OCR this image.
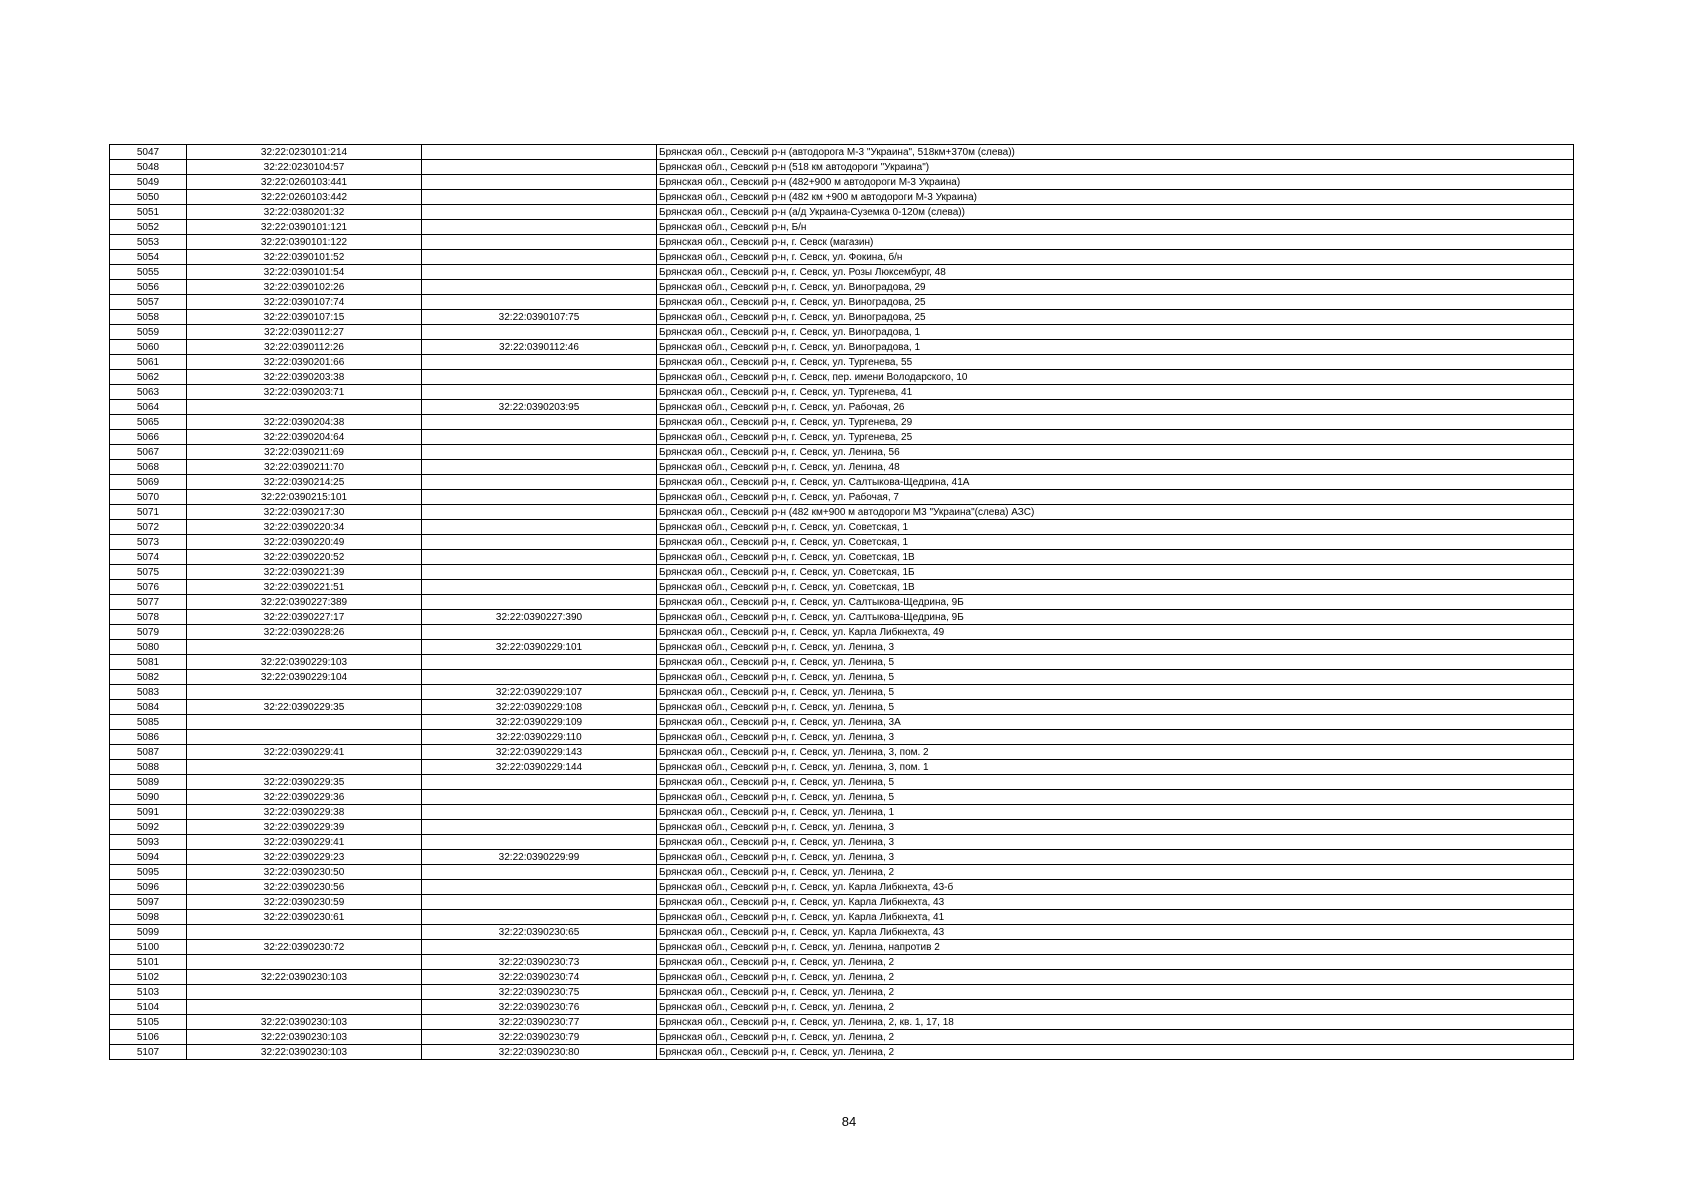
5047	32:22:0230101:214		Брянская обл., Севский р-н (автодорога М-3 "Украина", 518км+370м (слева))
5048	32:22:0230104:57		Брянская обл., Севский р-н (518 км автодороги "Украина")
5049	32:22:0260103:441		Брянская обл., Севский р-н (482+900 м автодороги М-3 Украина)
5050	32:22:0260103:442		Брянская обл., Севский р-н (482 км +900 м автодороги М-3 Украина)
5051	32:22:0380201:32		Брянская обл., Севский р-н (а/д Украина-Суземка 0-120м (слева))
5052	32:22:0390101:121		Брянская обл., Севский р-н, Б/н
5053	32:22:0390101:122		Брянская обл., Севский р-н, г. Севск (магазин)
5054	32:22:0390101:52		Брянская обл., Севский р-н, г. Севск, ул. Фокина, б/н
5055	32:22:0390101:54		Брянская обл., Севский р-н, г. Севск, ул. Розы Люксембург, 48
5056	32:22:0390102:26		Брянская обл., Севский р-н, г. Севск, ул. Виноградова, 29
5057	32:22:0390107:74		Брянская обл., Севский р-н, г. Севск, ул. Виноградова, 25
5058	32:22:0390107:15	32:22:0390107:75	Брянская обл., Севский р-н, г. Севск, ул. Виноградова, 25
5059	32:22:0390112:27		Брянская обл., Севский р-н, г. Севск, ул. Виноградова, 1
5060	32:22:0390112:26	32:22:0390112:46	Брянская обл., Севский р-н, г. Севск, ул. Виноградова, 1
5061	32:22:0390201:66		Брянская обл., Севский р-н, г. Севск, ул. Тургенева, 55
5062	32:22:0390203:38		Брянская обл., Севский р-н, г. Севск, пер. имени Володарского, 10
5063	32:22:0390203:71		Брянская обл., Севский р-н, г. Севск, ул. Тургенева, 41
5064		32:22:0390203:95	Брянская обл., Севский р-н, г. Севск, ул. Рабочая, 26
5065	32:22:0390204:38		Брянская обл., Севский р-н, г. Севск, ул. Тургенева, 29
5066	32:22:0390204:64		Брянская обл., Севский р-н, г. Севск, ул. Тургенева, 25
5067	32:22:0390211:69		Брянская обл., Севский р-н, г. Севск, ул. Ленина, 56
5068	32:22:0390211:70		Брянская обл., Севский р-н, г. Севск, ул. Ленина, 48
5069	32:22:0390214:25		Брянская обл., Севский р-н, г. Севск, ул. Салтыкова-Щедрина, 41А
5070	32:22:0390215:101		Брянская обл., Севский р-н, г. Севск, ул. Рабочая, 7
5071	32:22:0390217:30		Брянская обл., Севский р-н (482 км+900 м автодороги М3 "Украина"(слева) АЗС)
5072	32:22:0390220:34		Брянская обл., Севский р-н, г. Севск, ул. Советская, 1
5073	32:22:0390220:49		Брянская обл., Севский р-н, г. Севск, ул. Советская, 1
5074	32:22:0390220:52		Брянская обл., Севский р-н, г. Севск, ул. Советская, 1В
5075	32:22:0390221:39		Брянская обл., Севский р-н, г. Севск, ул. Советская, 1Б
5076	32:22:0390221:51		Брянская обл., Севский р-н, г. Севск, ул. Советская, 1В
5077	32:22:0390227:389		Брянская обл., Севский р-н, г. Севск, ул. Салтыкова-Щедрина, 9Б
5078	32:22:0390227:17	32:22:0390227:390	Брянская обл., Севский р-н, г. Севск, ул. Салтыкова-Щедрина, 9Б
5079	32:22:0390228:26		Брянская обл., Севский р-н, г. Севск, ул. Карла Либкнехта, 49
5080		32:22:0390229:101	Брянская обл., Севский р-н, г. Севск, ул. Ленина, 3
5081	32:22:0390229:103		Брянская обл., Севский р-н, г. Севск, ул. Ленина, 5
5082	32:22:0390229:104		Брянская обл., Севский р-н, г. Севск, ул. Ленина, 5
5083		32:22:0390229:107	Брянская обл., Севский р-н, г. Севск, ул. Ленина, 5
5084	32:22:0390229:35	32:22:0390229:108	Брянская обл., Севский р-н, г. Севск, ул. Ленина, 5
5085		32:22:0390229:109	Брянская обл., Севский р-н, г. Севск, ул. Ленина, 3А
5086		32:22:0390229:110	Брянская обл., Севский р-н, г. Севск, ул. Ленина, 3
5087	32:22:0390229:41	32:22:0390229:143	Брянская обл., Севский р-н, г. Севск, ул. Ленина, 3, пом. 2
5088		32:22:0390229:144	Брянская обл., Севский р-н, г. Севск, ул. Ленина, 3, пом. 1
5089	32:22:0390229:35		Брянская обл., Севский р-н, г. Севск, ул. Ленина, 5
5090	32:22:0390229:36		Брянская обл., Севский р-н, г. Севск, ул. Ленина, 5
5091	32:22:0390229:38		Брянская обл., Севский р-н, г. Севск, ул. Ленина, 1
5092	32:22:0390229:39		Брянская обл., Севский р-н, г. Севск, ул. Ленина, 3
5093	32:22:0390229:41		Брянская обл., Севский р-н, г. Севск, ул. Ленина, 3
5094	32:22:0390229:23	32:22:0390229:99	Брянская обл., Севский р-н, г. Севск, ул. Ленина, 3
5095	32:22:0390230:50		Брянская обл., Севский р-н, г. Севск, ул. Ленина, 2
5096	32:22:0390230:56		Брянская обл., Севский р-н, г. Севск, ул. Карла Либкнехта, 43-б
5097	32:22:0390230:59		Брянская обл., Севский р-н, г. Севск, ул. Карла Либкнехта, 43
5098	32:22:0390230:61		Брянская обл., Севский р-н, г. Севск, ул. Карла Либкнехта, 41
5099		32:22:0390230:65	Брянская обл., Севский р-н, г. Севск, ул. Карла Либкнехта, 43
5100	32:22:0390230:72		Брянская обл., Севский р-н, г. Севск, ул. Ленина, напротив 2
5101		32:22:0390230:73	Брянская обл., Севский р-н, г. Севск, ул. Ленина, 2
5102	32:22:0390230:103	32:22:0390230:74	Брянская обл., Севский р-н, г. Севск, ул. Ленина, 2
5103		32:22:0390230:75	Брянская обл., Севский р-н, г. Севск, ул. Ленина, 2
5104		32:22:0390230:76	Брянская обл., Севский р-н, г. Севск, ул. Ленина, 2
5105	32:22:0390230:103	32:22:0390230:77	Брянская обл., Севский р-н, г. Севск, ул. Ленина, 2, кв. 1, 17, 18
5106	32:22:0390230:103	32:22:0390230:79	Брянская обл., Севский р-н, г. Севск, ул. Ленина, 2
5107	32:22:0390230:103	32:22:0390230:80	Брянская обл., Севский р-н, г. Севск, ул. Ленина, 2
84
